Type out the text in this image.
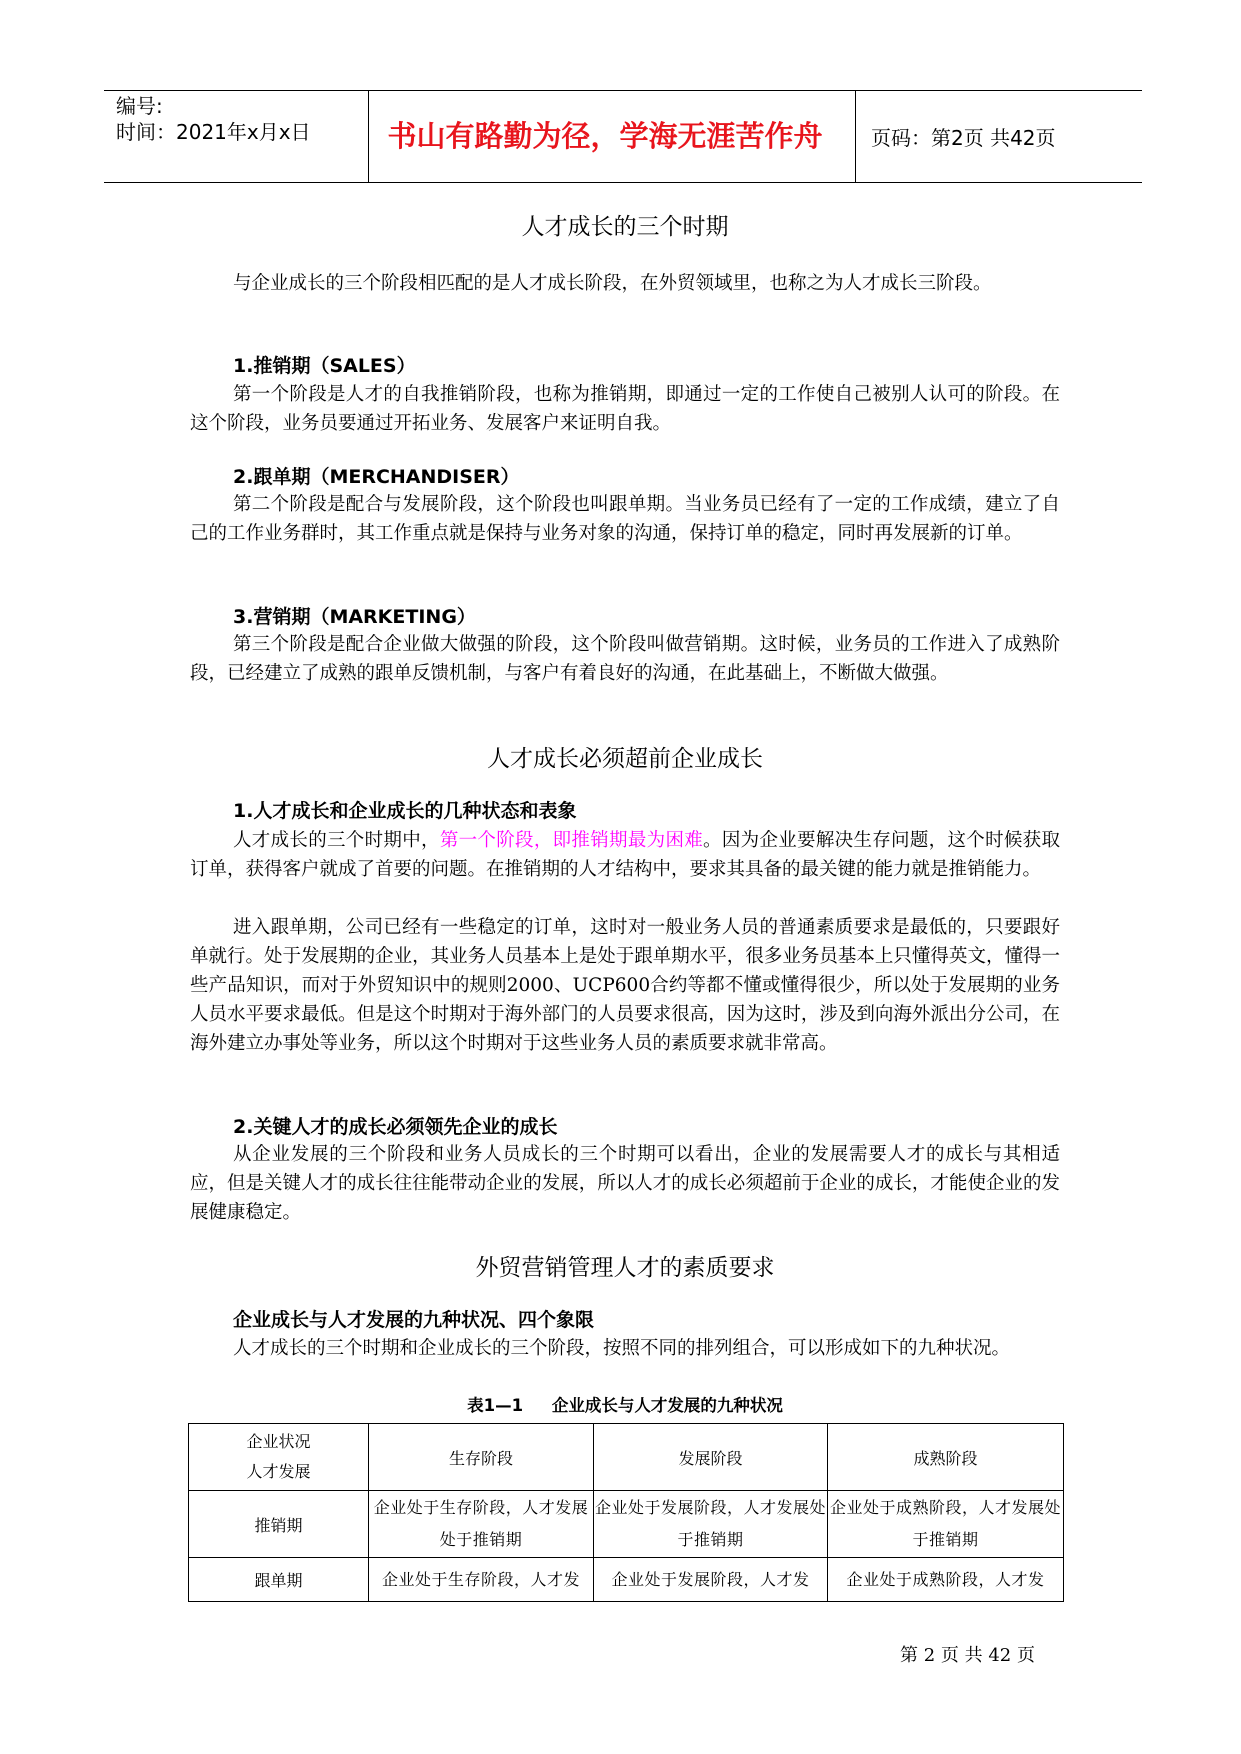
编号:
时间：2021年x月x日	书山有路勤为径，学海无涯苦作舟	页码：第2页 共42页
人才成长的三个时期

与企业成长的三个阶段相匹配的是人才成长阶段，在外贸领域里，也称之为人才成长三阶段。

1.推销期（SALES）

第一个阶段是人才的自我推销阶段，也称为推销期，即通过一定的工作使自己被别人认可的阶段。在这个阶段，业务员要通过开拓业务、发展客户来证明自我。

2.跟单期（MERCHANDISER）

第二个阶段是配合与发展阶段，这个阶段也叫跟单期。当业务员已经有了一定的工作成绩，建立了自己的工作业务群时，其工作重点就是保持与业务对象的沟通，保持订单的稳定，同时再发展新的订单。

3.营销期（MARKETING）

第三个阶段是配合企业做大做强的阶段，这个阶段叫做营销期。这时候，业务员的工作进入了成熟阶段，已经建立了成熟的跟单反馈机制，与客户有着良好的沟通，在此基础上，不断做大做强。

人才成长必须超前企业成长
1.人才成长和企业成长的几种状态和表象

人才成长的三个时期中，第一个阶段，即推销期最为困难。因为企业要解决生存问题，这个时候获取订单，获得客户就成了首要的问题。在推销期的人才结构中，要求其具备的最关键的能力就是推销能力。

进入跟单期，公司已经有一些稳定的订单，这时对一般业务人员的普通素质要求是最低的，只要跟好单就行。处于发展期的企业，其业务人员基本上是处于跟单期水平，很多业务员基本上只懂得英文，懂得一些产品知识，而对于外贸知识中的规则2000、UCP600合约等都不懂或懂得很少，所以处于发展期的业务人员水平要求最低。但是这个时期对于海外部门的人员要求很高，因为这时，涉及到向海外派出分公司，在海外建立办事处等业务，所以这个时期对于这些业务人员的素质要求就非常高。

2.关键人才的成长必须领先企业的成长

从企业发展的三个阶段和业务人员成长的三个时期可以看出，企业的发展需要人才的成长与其相适应，但是关键人才的成长往往能带动企业的发展，所以人才的成长必须超前于企业的成长，才能使企业的发展健康稳定。

外贸营销管理人才的素质要求
企业成长与人才发展的九种状况、四个象限

人才成长的三个时期和企业成长的三个阶段，按照不同的排列组合，可以形成如下的九种状况。

表1—1     企业成长与人才发展的九种状况
企业状况
人才发展	生存阶段	发展阶段	成熟阶段
推销期	企业处于生存阶段，人才发展处于推销期	企业处于发展阶段，人才发展处于推销期	企业处于成熟阶段，人才发展处于推销期
跟单期	企业处于生存阶段，人才发	企业处于发展阶段，人才发	企业处于成熟阶段，人才发
第 2 页 共 42 页
